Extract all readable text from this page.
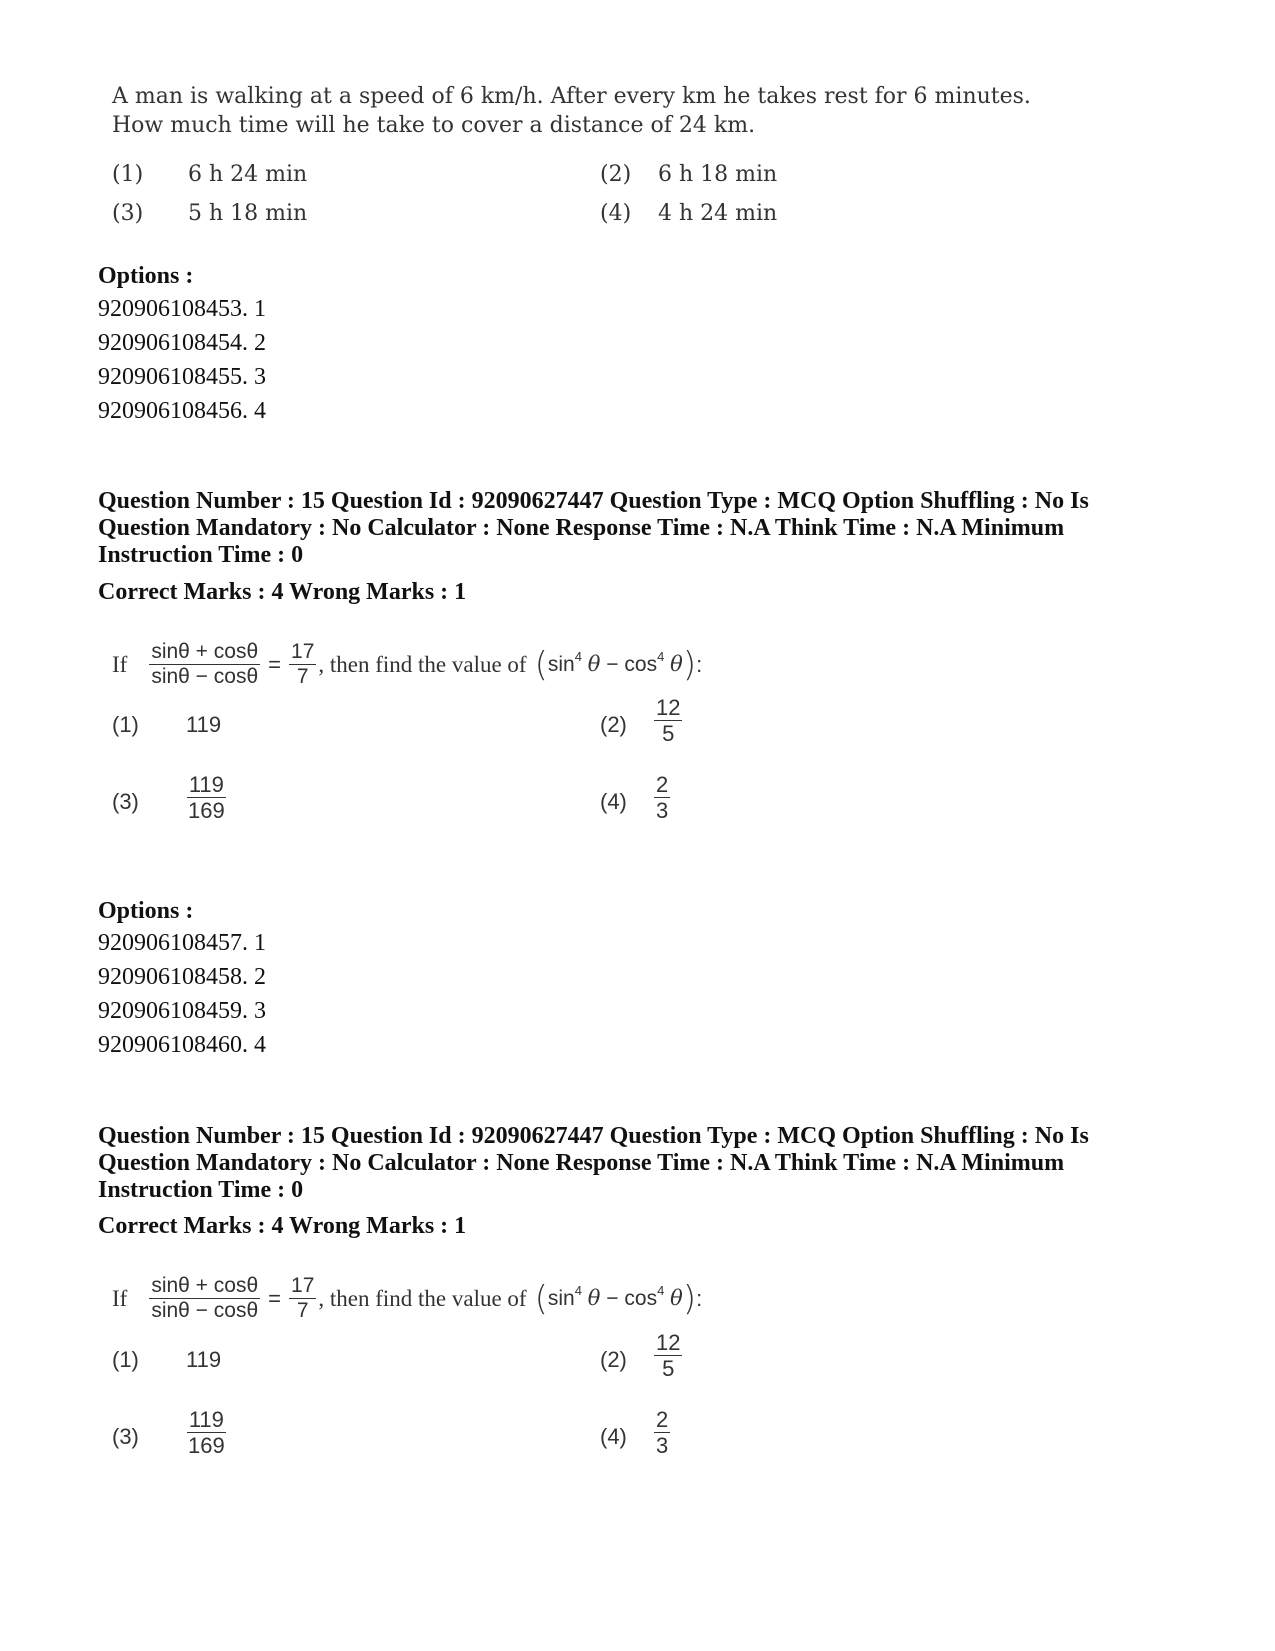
A man is walking at a speed of 6 km/h. After every km he takes rest for 6 minutes.
How much time will he take to cover a distance of 24 km.
(1) 6 h 24 min	(2) 6 h 18 min
(3) 5 h 18 min	(4) 4 h 24 min
Options :
920906108453. 1
920906108454. 2
920906108455. 3
920906108456. 4
Question Number : 15 Question Id : 92090627447 Question Type : MCQ Option Shuffling : No Is
Question Mandatory : No Calculator : None Response Time : N.A Think Time : N.A Minimum
Instruction Time : 0
Correct Marks : 4 Wrong Marks : 1
If $\frac{\sin\theta + \cos\theta}{\sin\theta - \cos\theta} = \frac{17}{7}$ , then find the value of ( $\sin^4 \theta - \cos^4 \theta$ ) :
(1) 119	$(2) \frac{12}{5}$
$(3) \frac{119}{169}$	$(4) \frac{2}{3}$
Options :
920906108457. 1
920906108458. 2
920906108459. 3
920906108460. 4
Question Number : 15 Question Id : 92090627447 Question Type : MCQ Option Shuffling : No Is
Question Mandatory : No Calculator : None Response Time : N.A Think Time : N.A Minimum
Instruction Time : 0
Correct Marks : 4 Wrong Marks : 1
If $\frac{\sin\theta + \cos\theta}{\sin\theta - \cos\theta} = \frac{17}{7}$ , then find the value of ( $\sin^4 \theta - \cos^4 \theta$ ) :
(1) 119	$(2) \frac{12}{5}$
$(3) \frac{119}{169}$	$(4) \frac{2}{3}$
